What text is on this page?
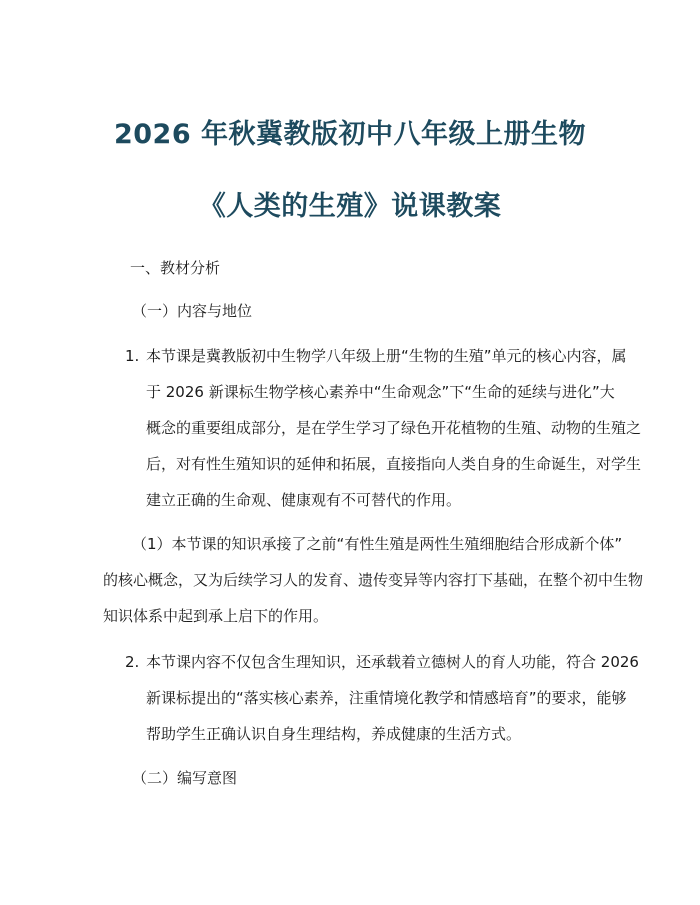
2026 年秋冀教版初中八年级上册生物
《人类的生殖》说课教案
一、教材分析
（一）内容与地位
1. 本节课是冀教版初中生物学八年级上册“生物的生殖”单元的核心内容，属
于 2026 新课标生物学核心素养中“生命观念”下“生命的延续与进化”大
概念的重要组成部分，是在学生学习了绿色开花植物的生殖、动物的生殖之
后，对有性生殖知识的延伸和拓展，直接指向人类自身的生命诞生，对学生
建立正确的生命观、健康观有不可替代的作用。
（1）本节课的知识承接了之前“有性生殖是两性生殖细胞结合形成新个体”
的核心概念，又为后续学习人的发育、遗传变异等内容打下基础，在整个初中生物
知识体系中起到承上启下的作用。
2. 本节课内容不仅包含生理知识，还承载着立德树人的育人功能，符合 2026
新课标提出的“落实核心素养，注重情境化教学和情感培育”的要求，能够
帮助学生正确认识自身生理结构，养成健康的生活方式。
（二）编写意图
